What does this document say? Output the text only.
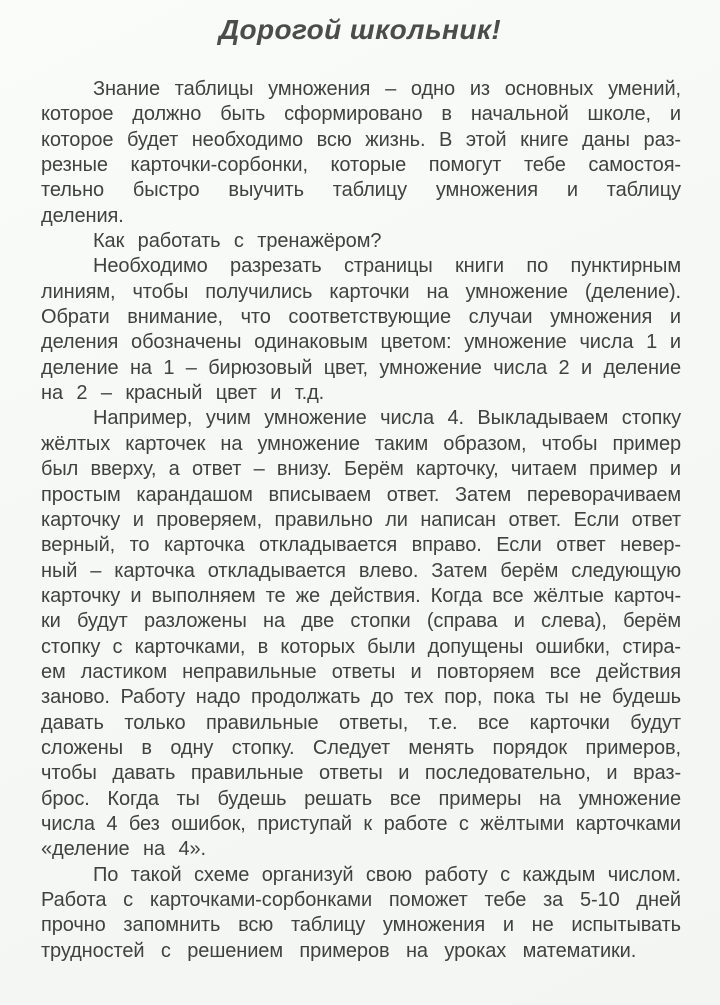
Дорогой школьник!
Знание таблицы умножения – одно из основных умений,
которое должно быть сформировано в начальной школе, и
которое будет необходимо всю жизнь. В этой книге даны раз-
резные карточки-сорбонки, которые помогут тебе самостоя-
тельно быстро выучить таблицу умножения и таблицу деления.
Как работать с тренажёром?
Необходимо разрезать страницы книги по пунктирным
линиям, чтобы получились карточки на умножение (деление).
Обрати внимание, что соответствующие случаи умножения и
деления обозначены одинаковым цветом: умножение числа 1 и
деление на 1 – бирюзовый цвет, умножение числа 2 и деление
на 2 – красный цвет и т.д.
Например, учим умножение числа 4. Выкладываем стопку
жёлтых карточек на умножение таким образом, чтобы пример
был вверху, а ответ – внизу. Берём карточку, читаем пример и
простым карандашом вписываем ответ. Затем переворачиваем
карточку и проверяем, правильно ли написан ответ. Если ответ
верный, то карточка откладывается вправо. Если ответ невер-
ный – карточка откладывается влево. Затем берём следующую
карточку и выполняем те же действия. Когда все жёлтые карточ-
ки будут разложены на две стопки (справа и слева), берём
стопку с карточками, в которых были допущены ошибки, стира-
ем ластиком неправильные ответы и повторяем все действия
заново. Работу надо продолжать до тех пор, пока ты не будешь
давать только правильные ответы, т.е. все карточки будут
сложены в одну стопку. Следует менять порядок примеров,
чтобы давать правильные ответы и последовательно, и враз-
брос. Когда ты будешь решать все примеры на умножение
числа 4 без ошибок, приступай к работе с жёлтыми карточками
«деление на 4».
По такой схеме организуй свою работу с каждым числом.
Работа с карточками-сорбонками поможет тебе за 5-10 дней
прочно запомнить всю таблицу умножения и не испытывать
трудностей с решением примеров на уроках математики.
